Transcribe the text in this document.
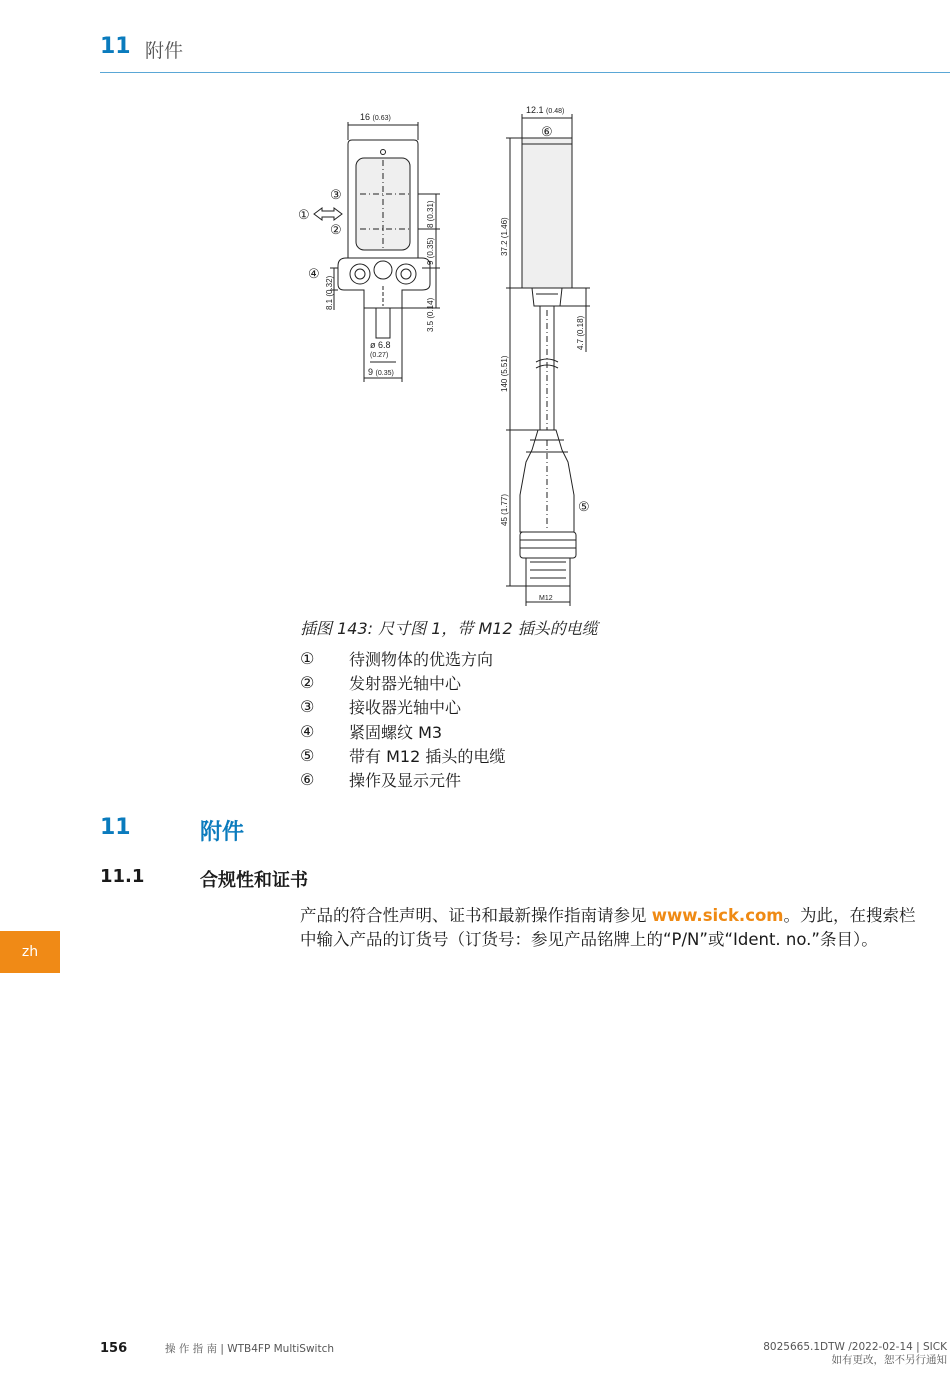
11 附件
16 (0.63)
12.1 (0.48)
8 (0.31)
9 (0.35)
3.5 (0.14)
8.1 (0.32)
ø 6.8
(0.27)
9 (0.35)
37.2 (1.46)
140 (5.51)
45 (1.77)
4.7 (0.18)
M12
①
②
③
④
⑤
⑥
插图 143: 尺寸图 1，带 M12 插头的电缆
①	待测物体的优选方向
②	发射器光轴中心
③	接收器光轴中心
④	紧固螺纹 M3
⑤	带有 M12 插头的电缆
⑥	操作及显示元件
11	附件
11.1	合规性和证书
产品的符合性声明、证书和最新操作指南请参见 www.sick.com。为此，在搜索栏
中输入产品的订货号（订货号：参见产品铭牌上的“P/N”或“Ident. no.”条目）。
zh
156	操 作 指 南 | WTB4FP MultiSwitch	8025665.1DTW /2022-02-14 | SICK
如有更改，恕不另行通知
